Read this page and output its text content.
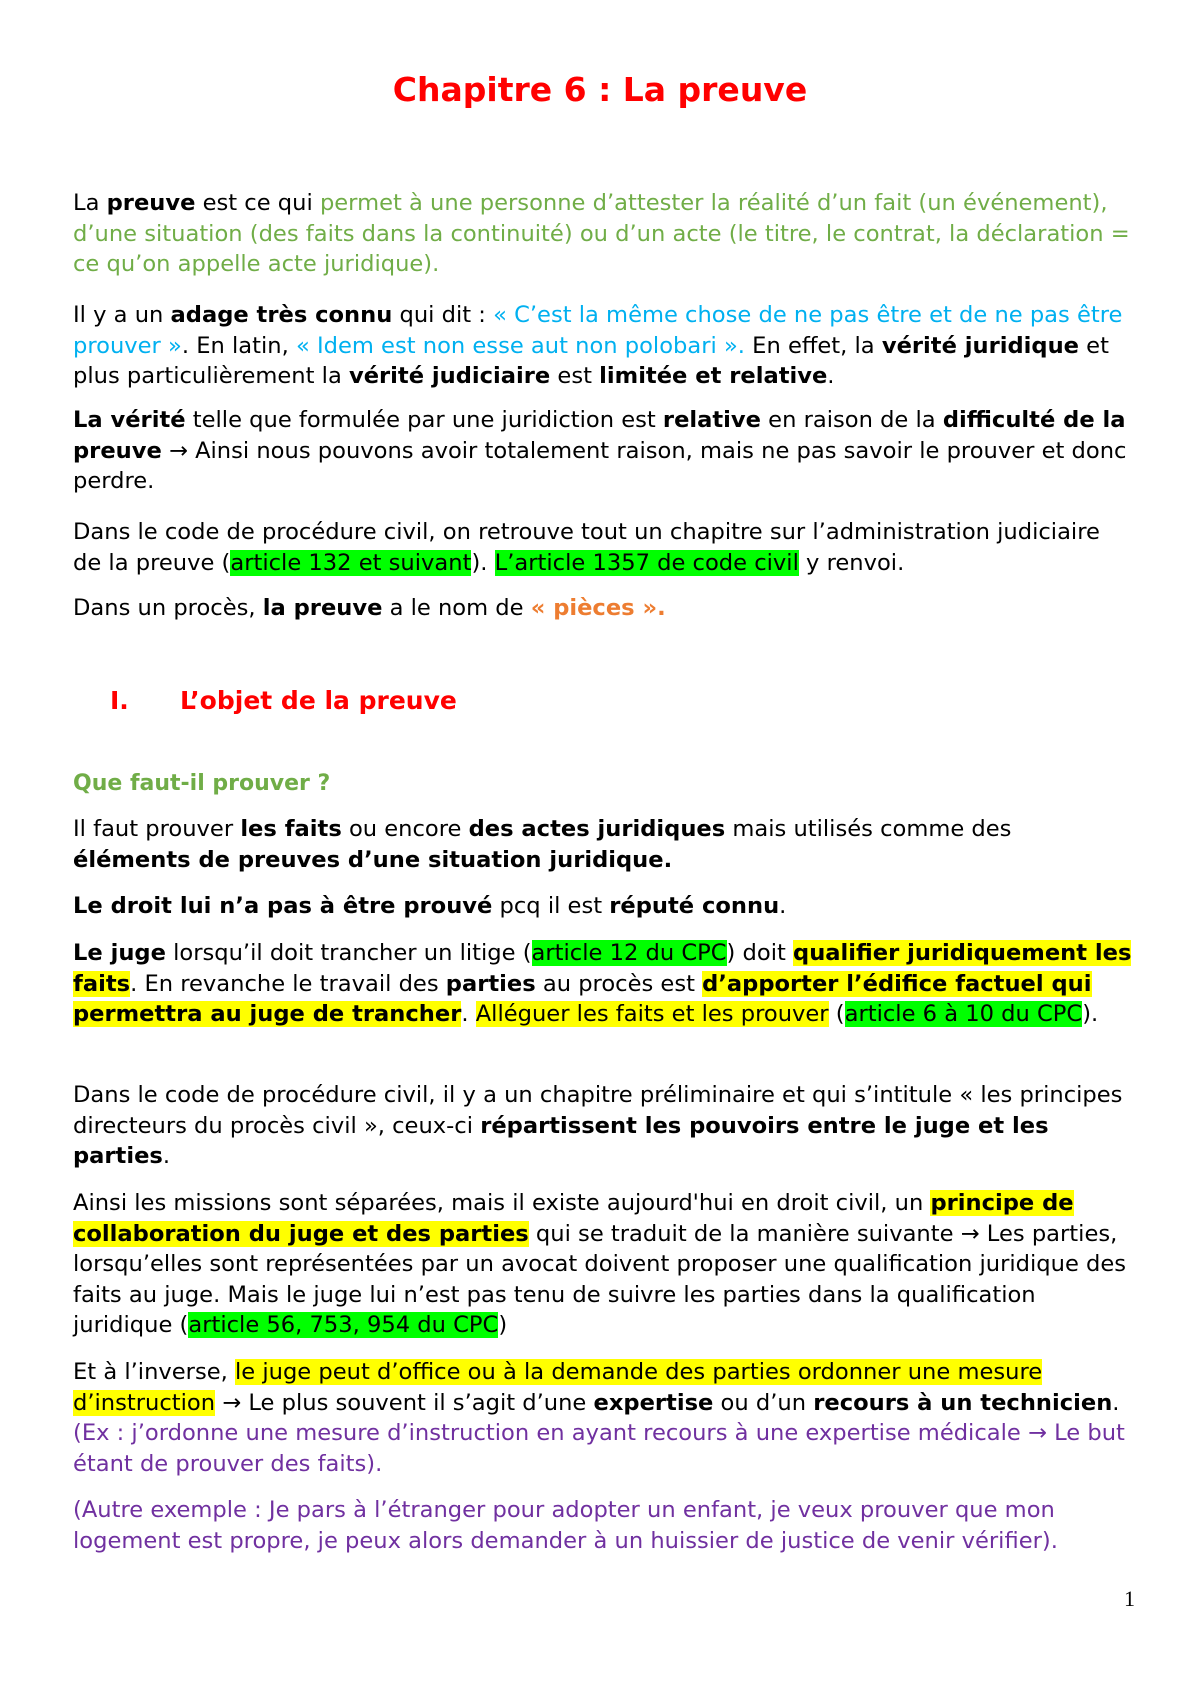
Chapitre 6 : La preuve

La preuve est ce qui permet à une personne d’attester la réalité d’un fait (un événement), d’une situation (des faits dans la continuité) ou d’un acte (le titre, le contrat, la déclaration = ce qu’on appelle acte juridique).

Il y a un adage très connu qui dit : « C’est la même chose de ne pas être et de ne pas être prouver ». En latin, « Idem est non esse aut non polobari ». En effet, la vérité juridique et plus particulièrement la vérité judiciaire est limitée et relative.

La vérité telle que formulée par une juridiction est relative en raison de la difficulté de la preuve → Ainsi nous pouvons avoir totalement raison, mais ne pas savoir le prouver et donc perdre.

Dans le code de procédure civil, on retrouve tout un chapitre sur l’administration judiciaire de la preuve (article 132 et suivant). L’article 1357 de code civil y renvoi.

Dans un procès, la preuve a le nom de « pièces ».

I. L’objet de la preuve
Que faut-il prouver ?

Il faut prouver les faits ou encore des actes juridiques mais utilisés comme des éléments de preuves d’une situation juridique.

Le droit lui n’a pas à être prouvé pcq il est réputé connu.

Le juge lorsqu’il doit trancher un litige (article 12 du CPC) doit qualifier juridiquement les faits. En revanche le travail des parties au procès est d’apporter l’édifice factuel qui permettra au juge de trancher. Alléguer les faits et les prouver (article 6 à 10 du CPC).

Dans le code de procédure civil, il y a un chapitre préliminaire et qui s’intitule « les principes directeurs du procès civil », ceux-ci répartissent les pouvoirs entre le juge et les parties.

Ainsi les missions sont séparées, mais il existe aujourd'hui en droit civil, un principe de collaboration du juge et des parties qui se traduit de la manière suivante → Les parties, lorsqu’elles sont représentées par un avocat doivent proposer une qualification juridique des faits au juge. Mais le juge lui n’est pas tenu de suivre les parties dans la qualification juridique (article 56, 753, 954 du CPC)

Et à l’inverse, le juge peut d’office ou à la demande des parties ordonner une mesure d’instruction → Le plus souvent il s’agit d’une expertise ou d’un recours à un technicien. (Ex : j’ordonne une mesure d’instruction en ayant recours à une expertise médicale → Le but étant de prouver des faits).

(Autre exemple : Je pars à l’étranger pour adopter un enfant, je veux prouver que mon logement est propre, je peux alors demander à un huissier de justice de venir vérifier).

1
